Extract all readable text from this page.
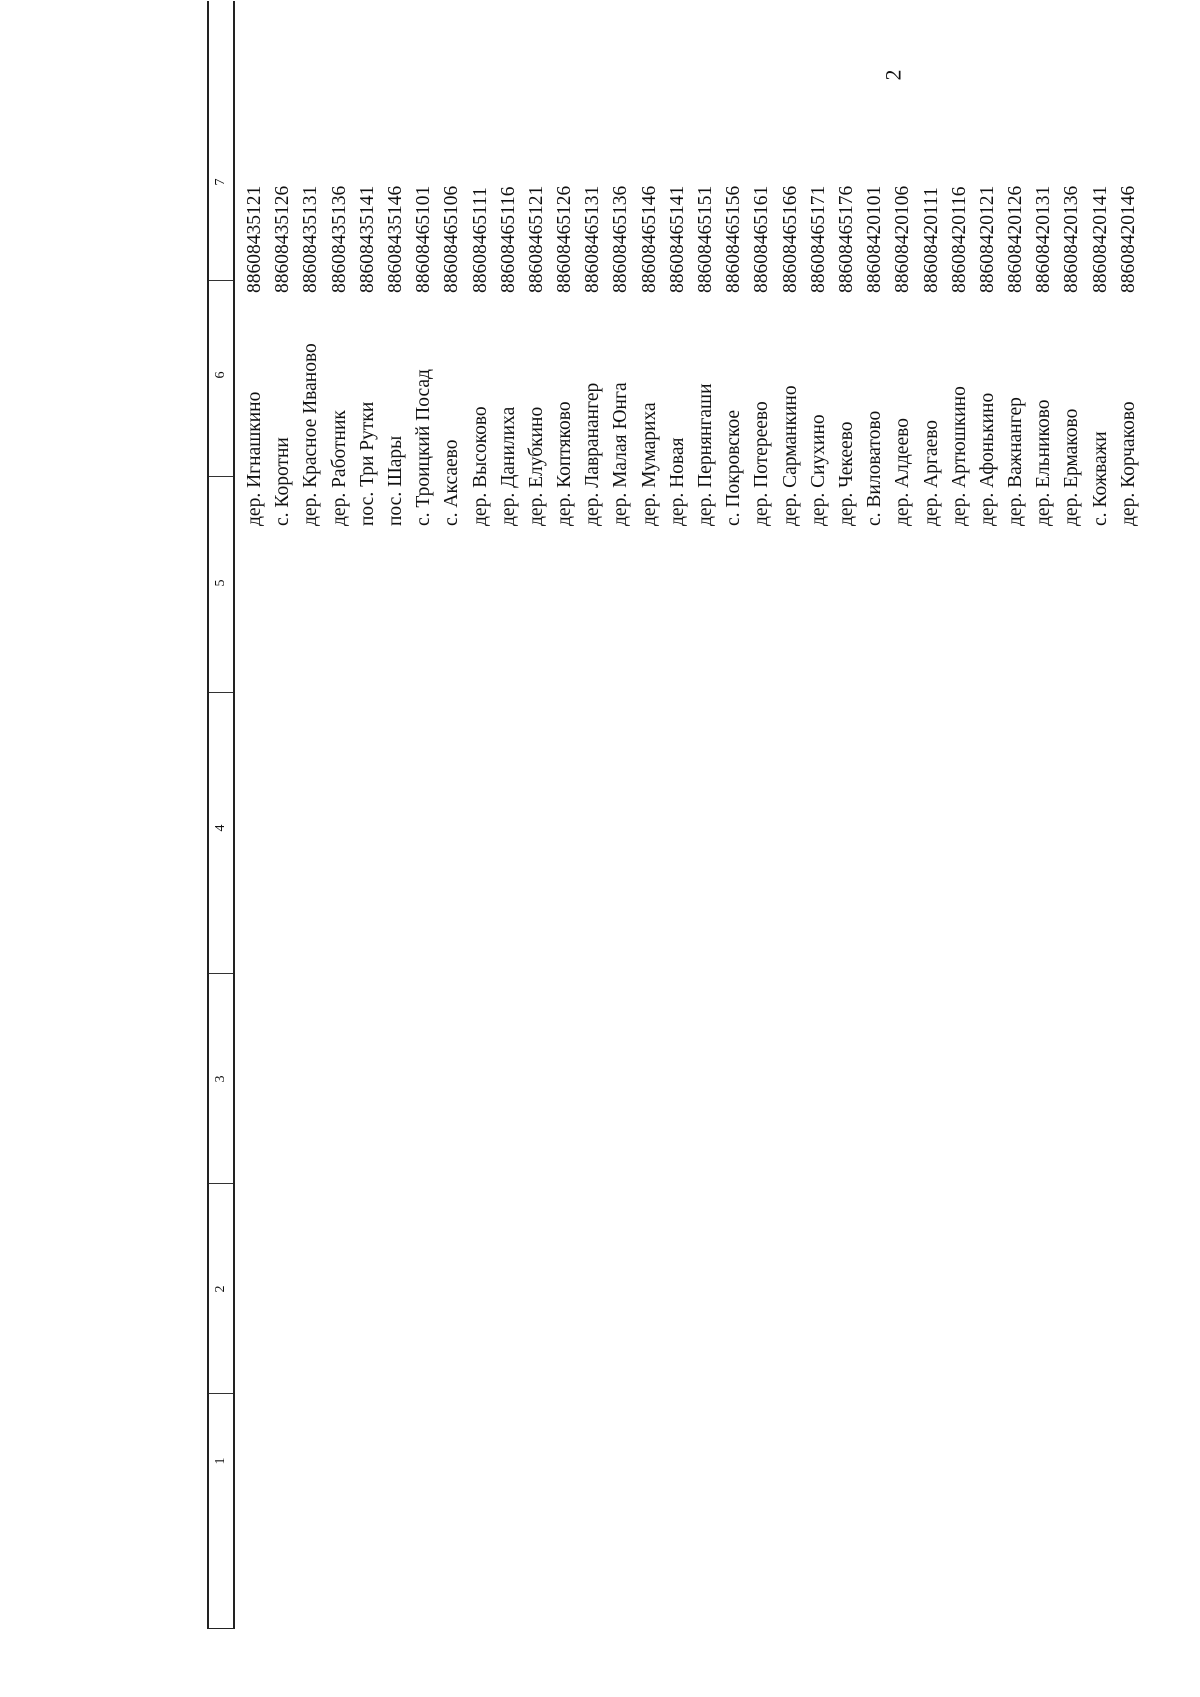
2
1
2
3
4
5
6
7
дер. Игнашкино с. Коротни дер. Красное Иваново дер. Работник пос. Три Рутки пос. Шары с. Троицкий Посад с. Аксаево дер. Высоково дер. Данилиха дер. Елубкино дер. Коптяково дер. Лавранангер дер. Малая Юнга дер. Мумариха дер. Новая дер. Пернянгаши с. Покровское дер. Потереево дер. Сарманкино дер. Сиухино дер. Чекеево с. Виловатово дер. Алдеево дер. Аргаево дер. Артюшкино дер. Афонькино дер. Важнангер дер. Ельниково дер. Ермаково с. Кожважи дер. Корчаково
88608435121 88608435126 88608435131 88608435136 88608435141 88608435146 88608465101 88608465106 88608465111 88608465116 88608465121 88608465126 88608465131 88608465136 88608465146 88608465141 88608465151 88608465156 88608465161 88608465166 88608465171 88608465176 88608420101 88608420106 88608420111 88608420116 88608420121 88608420126 88608420131 88608420136 88608420141 88608420146
